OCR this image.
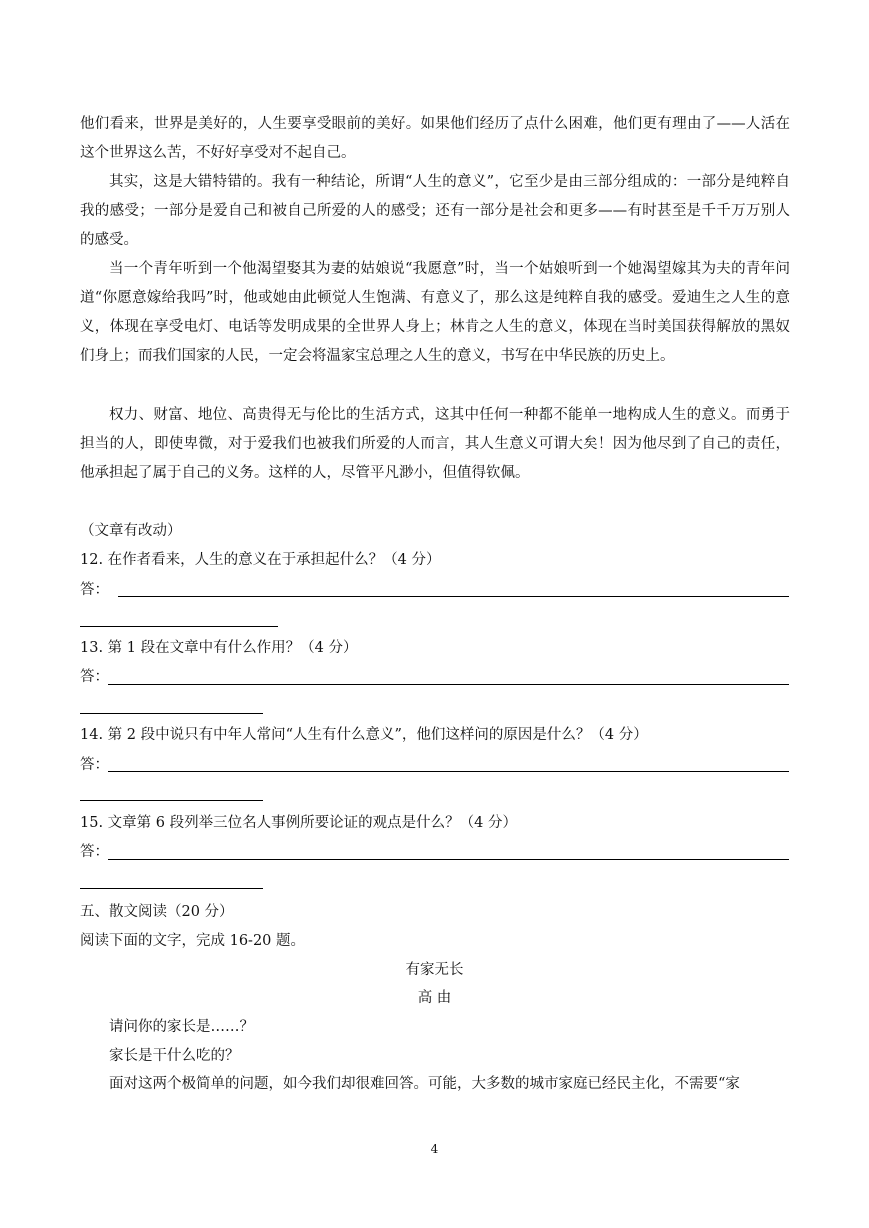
他们看来，世界是美好的，人生要享受眼前的美好。如果他们经历了点什么困难，他们更有理由了——人活在这个世界这么苦，不好好享受对不起自己。

其实，这是大错特错的。我有一种结论，所谓“人生的意义”，它至少是由三部分组成的：一部分是纯粹自我的感受；一部分是爱自己和被自己所爱的人的感受；还有一部分是社会和更多——有时甚至是千千万万别人的感受。

当一个青年听到一个他渴望娶其为妻的姑娘说“我愿意”时，当一个姑娘听到一个她渴望嫁其为夫的青年问道“你愿意嫁给我吗”时，他或她由此顿觉人生饱满、有意义了，那么这是纯粹自我的感受。爱迪生之人生的意义，体现在享受电灯、电话等发明成果的全世界人身上；林肯之人生的意义，体现在当时美国获得解放的黑奴们身上；而我们国家的人民，一定会将温家宝总理之人生的意义，书写在中华民族的历史上。

权力、财富、地位、高贵得无与伦比的生活方式，这其中任何一种都不能单一地构成人生的意义。而勇于担当的人，即使卑微，对于爱我们也被我们所爱的人而言，其人生意义可谓大矣！因为他尽到了自己的责任，他承担起了属于自己的义务。这样的人，尽管平凡渺小，但值得钦佩。

（文章有改动）

12. 在作者看来，人生的意义在于承担起什么？（4 分）

答：

13. 第 1 段在文章中有什么作用？（4 分）

答：

14. 第 2 段中说只有中年人常问“人生有什么意义”，他们这样问的原因是什么？（4 分）

答：

15. 文章第 6 段列举三位名人事例所要论证的观点是什么？（4 分）

答：

五、散文阅读（20 分）

阅读下面的文字，完成 16-20 题。

有家无长

高 由

请问你的家长是……？

家长是干什么吃的？

面对这两个极简单的问题，如今我们却很难回答。可能，大多数的城市家庭已经民主化，不需要“家

4
